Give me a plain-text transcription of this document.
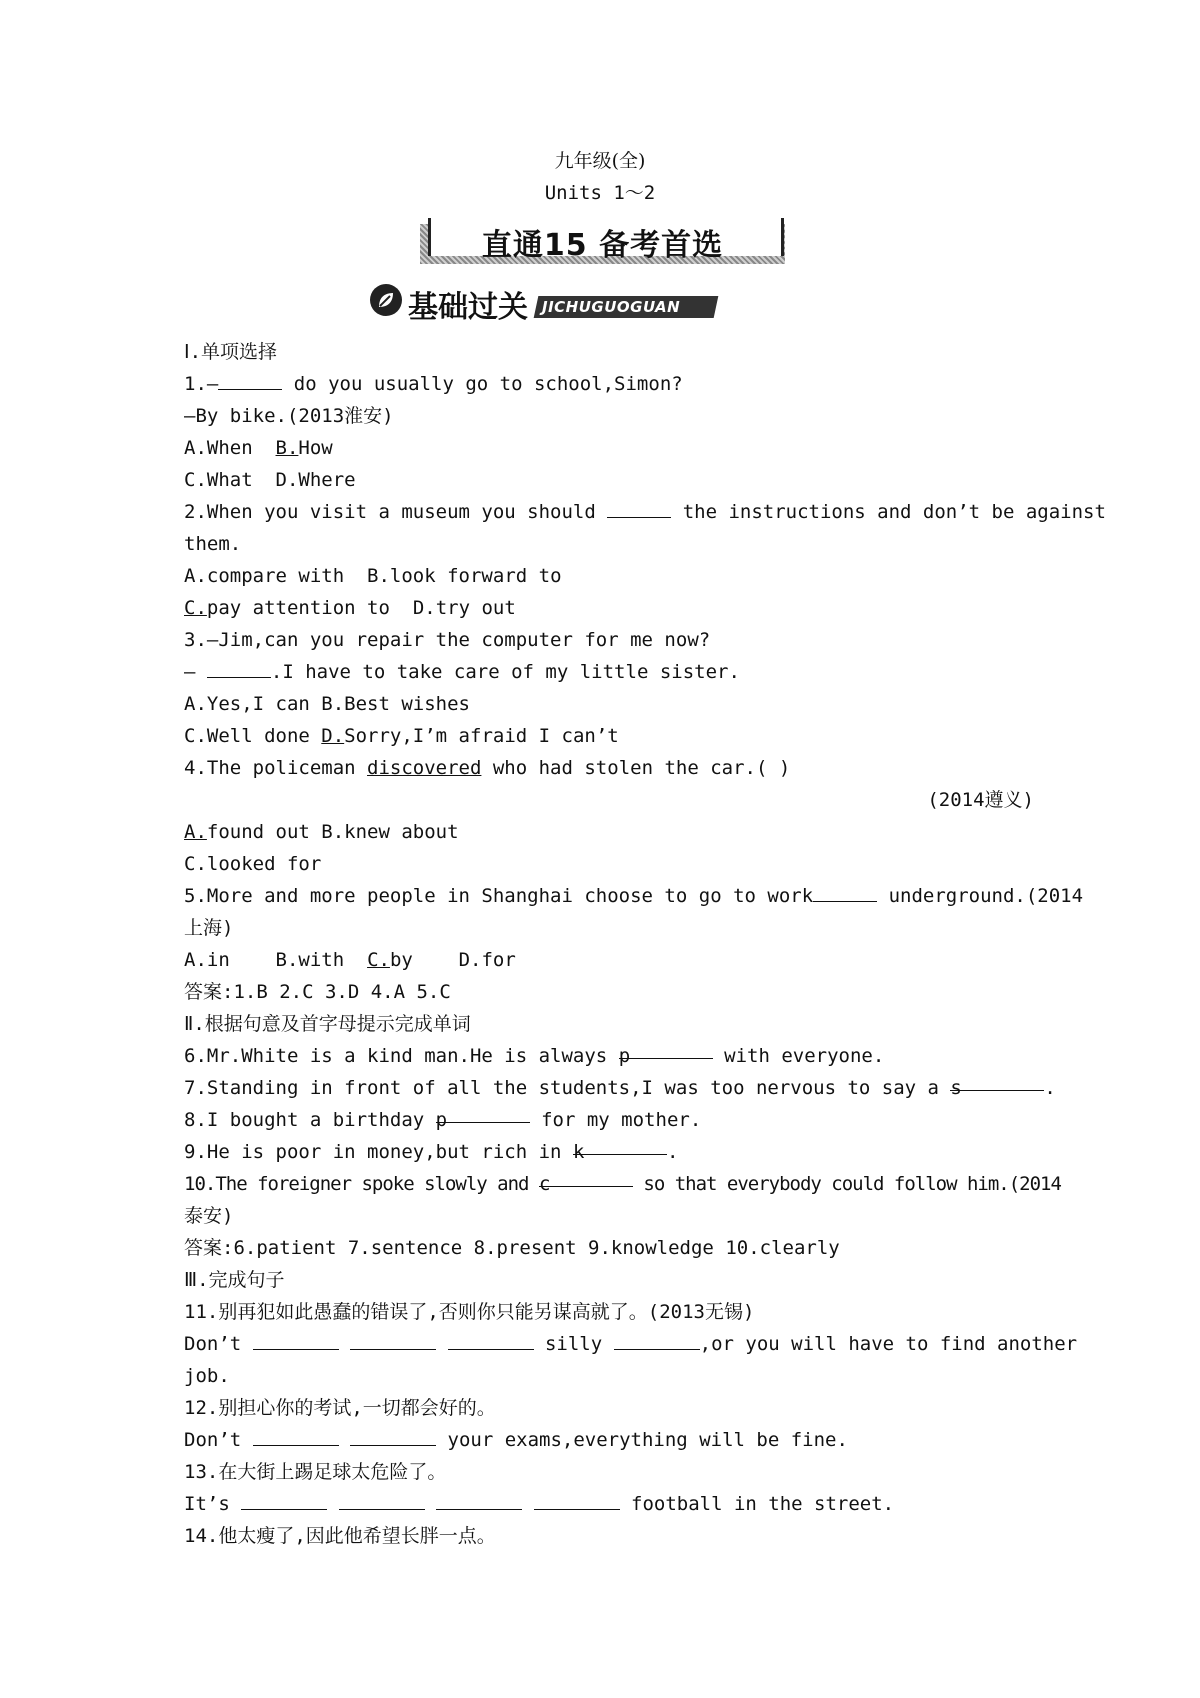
九年级(全)
Units 1～2
直通15 备考首选
基础过关 JICHUGUOGUAN
Ⅰ.单项选择
1.—	do you usually go to school,Simon?
—By bike.(2013淮安)
A.When B.How
C.What D.Where
2.When you visit a museum you should	the instructions and don’t be against
them.
A.compare with B.look forward to
C.pay attention to D.try out
3.—Jim,can you repair the computer for me now?
—	.I have to take care of my little sister.
A.Yes,I can B.Best wishes
C.Well done D.Sorry,I’m afraid I can’t
4.The policeman discovered who had stolen the car.( )
(2014遵义)
A.found out B.knew about
C.looked for
5.More and more people in Shanghai choose to go to work	underground.(2014
上海)
A.in B.with C.by D.for
答案:1.B 2.C 3.D 4.A 5.C
Ⅱ.根据句意及首字母提示完成单词
6.Mr.White is a kind man.He is always p	with everyone.
7.Standing in front of all the students,I was too nervous to say a s	.
8.I bought a birthday p	for my mother.
9.He is poor in money,but rich in k	.
10.The foreigner spoke slowly and c	so that everybody could follow him.(2014
泰安)
答案:6.patient 7.sentence 8.present 9.knowledge 10.clearly
Ⅲ.完成句子
11.别再犯如此愚蠢的错误了,否则你只能另谋高就了。(2013无锡)
Don’t	silly	,or you will have to find another
job.
12.别担心你的考试,一切都会好的。
Don’t	your exams,everything will be fine.
13.在大街上踢足球太危险了。
It’s	football in the street.
14.他太瘦了,因此他希望长胖一点。
